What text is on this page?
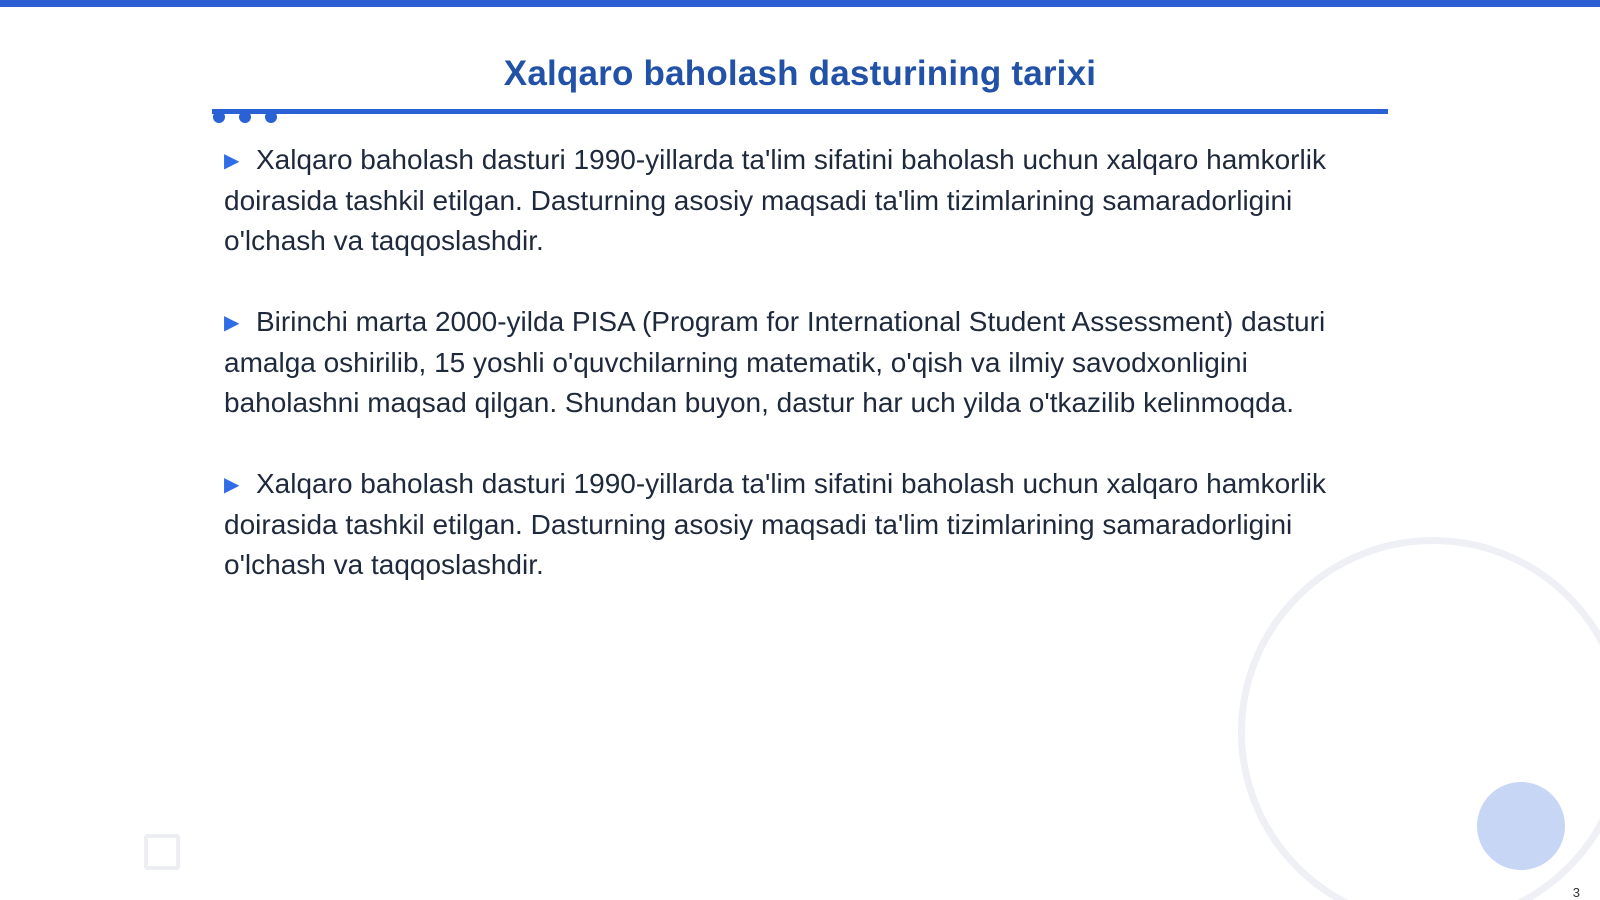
Xalqaro baholash dasturining tarixi

▶ Xalqaro baholash dasturi 1990-yillarda ta'lim sifatini baholash uchun xalqaro hamkorlik doirasida tashkil etilgan. Dasturning asosiy maqsadi ta'lim tizimlarining samaradorligini o'lchash va taqqoslashdir.

▶ Birinchi marta 2000-yilda PISA (Program for International Student Assessment) dasturi amalga oshirilib, 15 yoshli o'quvchilarning matematik, o'qish va ilmiy savodxonligini baholashni maqsad qilgan. Shundan buyon, dastur har uch yilda o'tkazilib kelinmoqda.

▶ Xalqaro baholash dasturi 1990-yillarda ta'lim sifatini baholash uchun xalqaro hamkorlik doirasida tashkil etilgan. Dasturning asosiy maqsadi ta'lim tizimlarining samaradorligini o'lchash va taqqoslashdir.

3
